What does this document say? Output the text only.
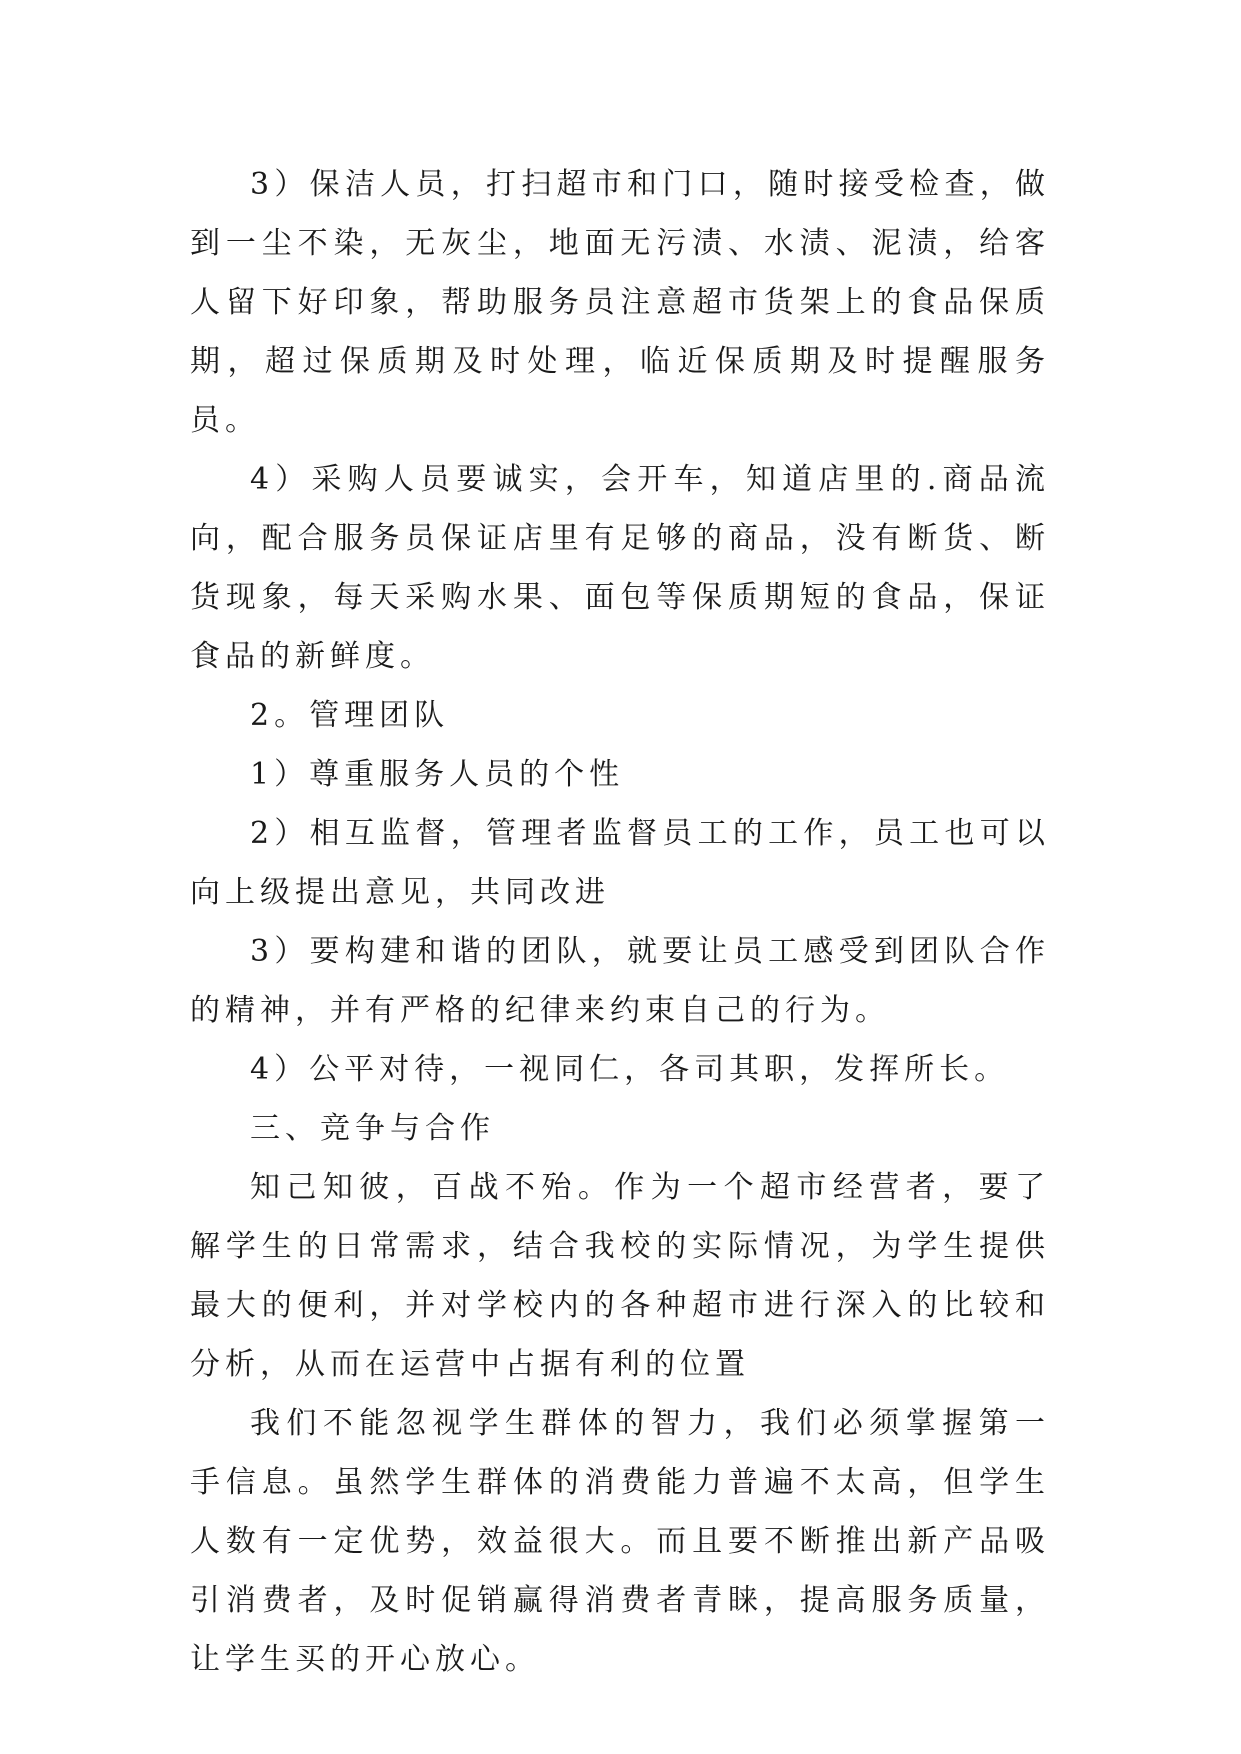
3）保洁人员，打扫超市和门口，随时接受检查，做到一尘不染，无灰尘，地面无污渍、水渍、泥渍，给客人留下好印象，帮助服务员注意超市货架上的食品保质期，超过保质期及时处理，临近保质期及时提醒服务员。

4）采购人员要诚实，会开车，知道店里的.商品流向，配合服务员保证店里有足够的商品，没有断货、断货现象，每天采购水果、面包等保质期短的食品，保证食品的新鲜度。

2。管理团队

1）尊重服务人员的个性

2）相互监督，管理者监督员工的工作，员工也可以向上级提出意见，共同改进

3）要构建和谐的团队，就要让员工感受到团队合作的精神，并有严格的纪律来约束自己的行为。

4）公平对待，一视同仁，各司其职，发挥所长。

三、竞争与合作

知己知彼，百战不殆。作为一个超市经营者，要了解学生的日常需求，结合我校的实际情况，为学生提供最大的便利，并对学校内的各种超市进行深入的比较和分析，从而在运营中占据有利的位置

我们不能忽视学生群体的智力，我们必须掌握第一手信息。虽然学生群体的消费能力普遍不太高，但学生人数有一定优势，效益很大。而且要不断推出新产品吸引消费者，及时促销赢得消费者青睐，提高服务质量，让学生买的开心放心。
